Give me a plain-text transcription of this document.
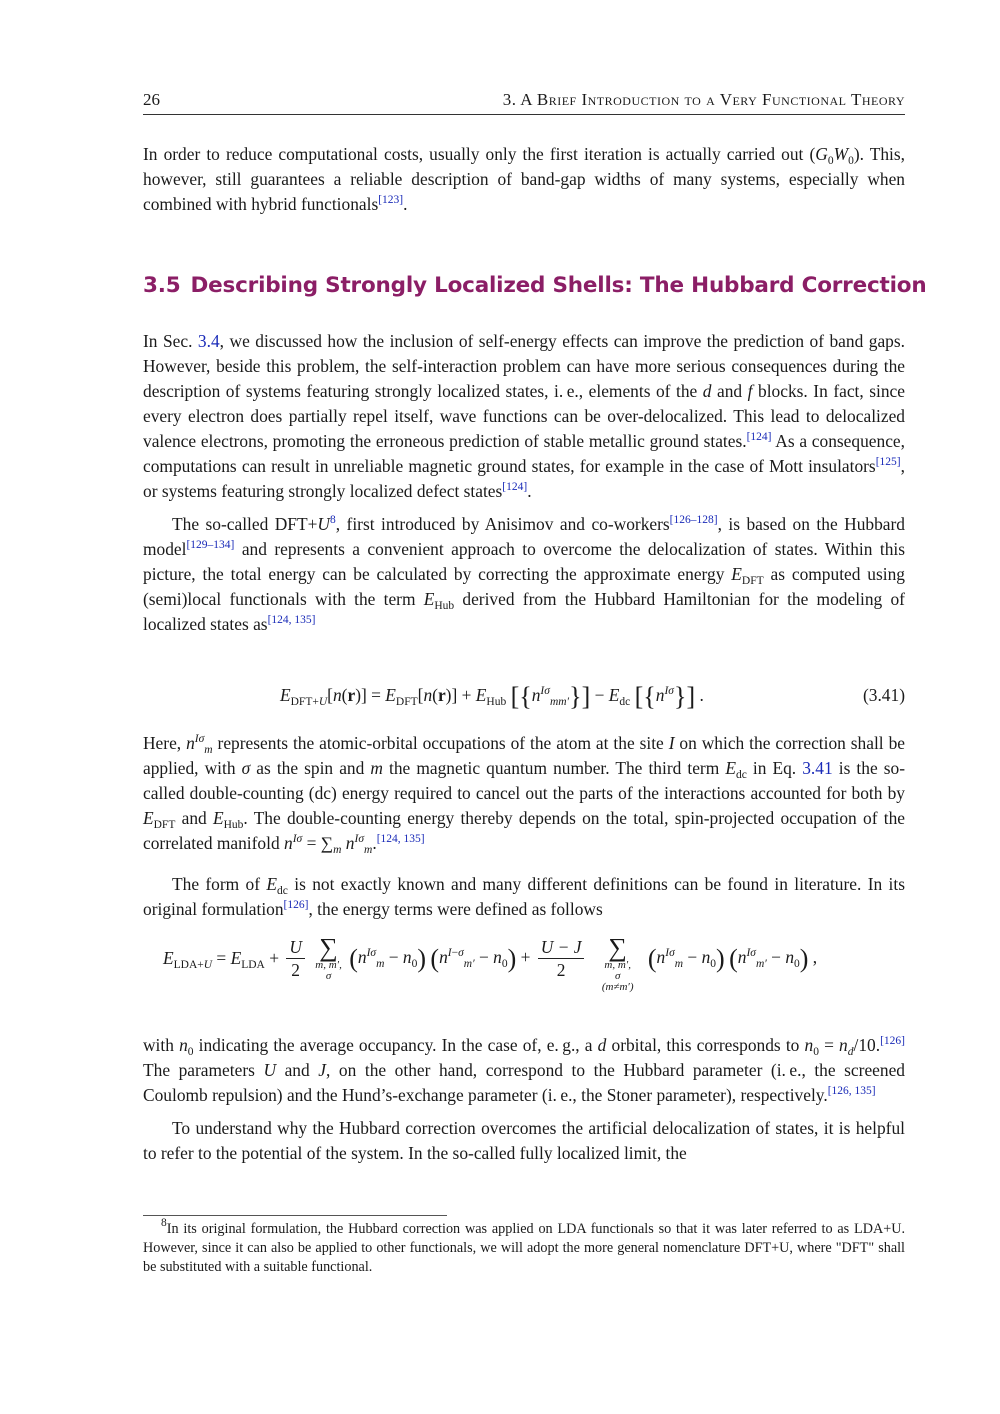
26	3. A Brief Introduction to a Very Functional Theory

In order to reduce computational costs, usually only the first iteration is actually carried out $(G_0W_0)$. This, however, still guarantees a reliable description of band-gap widths of many systems, especially when combined with hybrid functionals[123].

3.5 Describing Strongly Localized Shells: The Hubbard Correction

In Sec. 3.4, we discussed how the inclusion of self-energy effects can improve the prediction of band gaps. However, beside this problem, the self-interaction problem can have more serious consequences during the description of systems featuring strongly localized states, i. e., elements of the d and f blocks. In fact, since every electron does partially repel itself, wave functions can be over-delocalized. This lead to delocalized valence electrons, promoting the erroneous prediction of stable metallic ground states.[124] As a consequence, computations can result in unreliable magnetic ground states, for example in the case of Mott insulators[125], or systems featuring strongly localized defect states[124].

The so-called DFT+U$^8$, first introduced by Anisimov and co-workers[126–128], is based on the Hubbard model[129–134] and represents a convenient approach to overcome the delocalization of states. Within this picture, the total energy can be calculated by correcting the approximate energy $E_{DFT}$ as computed using (semi)local functionals with the term $E_{Hub}$ derived from the Hubbard Hamiltonian for the modeling of localized states as[124, 135]

$E_{DFT+U}[n(r)] = E_{DFT}[n(r)] + E_{Hub}$ $[\{n^{I\sigma}_{mm'}\}] - E_{dc}$ $[\{n^{I\sigma}\}]$ .	(3.41)

Here, $n^{I\sigma}_m$ represents the atomic-orbital occupations of the atom at the site I on which the correction shall be applied, with σ as the spin and m the magnetic quantum number. The third term $E_{dc}$ in Eq. 3.41 is the so-called double-counting (dc) energy required to cancel out the parts of the interactions accounted for both by $E_{DFT}$ and $E_{Hub}$. The double-counting energy thereby depends on the total, spin-projected occupation of the correlated manifold $n^{I\sigma} = \sum_m$ $n^{I\sigma}_m.[124, 135]$

The form of $E_{dc}$ is not exactly known and many different definitions can be found in literature. In its original formulation[126], the energy terms were defined as follows

$E_{LDA+U} = E_{LDA} + \frac{U}{2}$
∑
m, m′,
σ
$(n^{I\sigma}_m - n_0) (n^{I-\sigma}_{m'} - n_0) + \frac{U - J}{2}$
∑
m, m′,
σ
(m≠m′)
$(n^{I\sigma}_m - n_0) (n^{I\sigma}_{m'} - n_0)$ ,

with $n_0$ indicating the average occupancy. In the case of, e. g., a d orbital, this corresponds to $n_0 = n_d/10.[126]$ The parameters U and J, on the other hand, correspond to the Hubbard parameter (i. e., the screened Coulomb repulsion) and the Hund’s-exchange parameter (i. e., the Stoner parameter), respectively.[126, 135]

To understand why the Hubbard correction overcomes the artificial delocalization of states, it is helpful to refer to the potential of the system. In the so-called fully localized limit, the

$^8$In its original formulation, the Hubbard correction was applied on LDA functionals so that it was later referred to as LDA+U. However, since it can also be applied to other functionals, we will adopt the more general nomenclature DFT+U, where "DFT" shall be substituted with a suitable functional.
